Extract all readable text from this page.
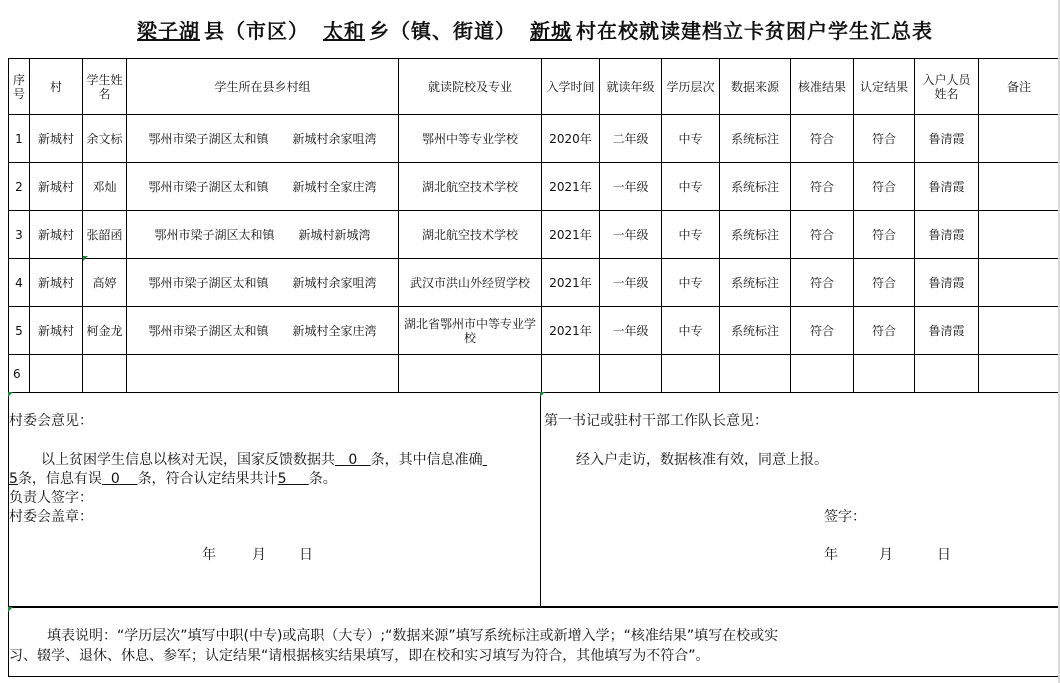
梁子湖 县（市区） 太和 乡（镇、街道） 新城 村在校就读建档立卡贫困户学生汇总表
序号	村	学生姓名	学生所在县乡村组	就读院校及专业	入学时间	就读年级	学历层次	数据来源	核准结果	认定结果	入户人员姓名	备注
1	新城村	余文标	鄂州市梁子湖区太和镇 新城村余家咀湾	鄂州中等专业学校	2020年	二年级	中专	系统标注	符合	符合	鲁清霞	
2	新城村	邓灿	鄂州市梁子湖区太和镇 新城村全家庄湾	湖北航空技术学校	2021年	一年级	中专	系统标注	符合	符合	鲁清霞	
3	新城村	张韶函	鄂州市梁子湖区太和镇 新城村新城湾	湖北航空技术学校	2021年	一年级	中专	系统标注	符合	符合	鲁清霞	
4	新城村	高婷	鄂州市梁子湖区太和镇 新城村余家咀湾	武汉市洪山外经贸学校	2021年	一年级	中专	系统标注	符合	符合	鲁清霞	
5	新城村	柯金龙	鄂州市梁子湖区太和镇 新城村全家庄湾	湖北省鄂州市中等专业学校	2021年	一年级	中专	系统标注	符合	符合	鲁清霞	
6												
村委会意见：
以上贫困学生信息以核对无误，国家反馈数据共 0 条，其中信息准确
5条，信息有误 0 条，符合认定结果共计5 条。
负责人签字：
村委会盖章：
年	月 日
第一书记或驻村干部工作队长意见：
经入户走访，数据核准有效，同意上报。
签字：
年	月	日
填表说明：“学历层次”填写中职(中专)或高职（大专）;“数据来源”填写系统标注或新增入学；“核准结果”填写在校或实
习、辍学、退休、休息、参军；认定结果“请根据核实结果填写，即在校和实习填写为符合，其他填写为不符合”。
